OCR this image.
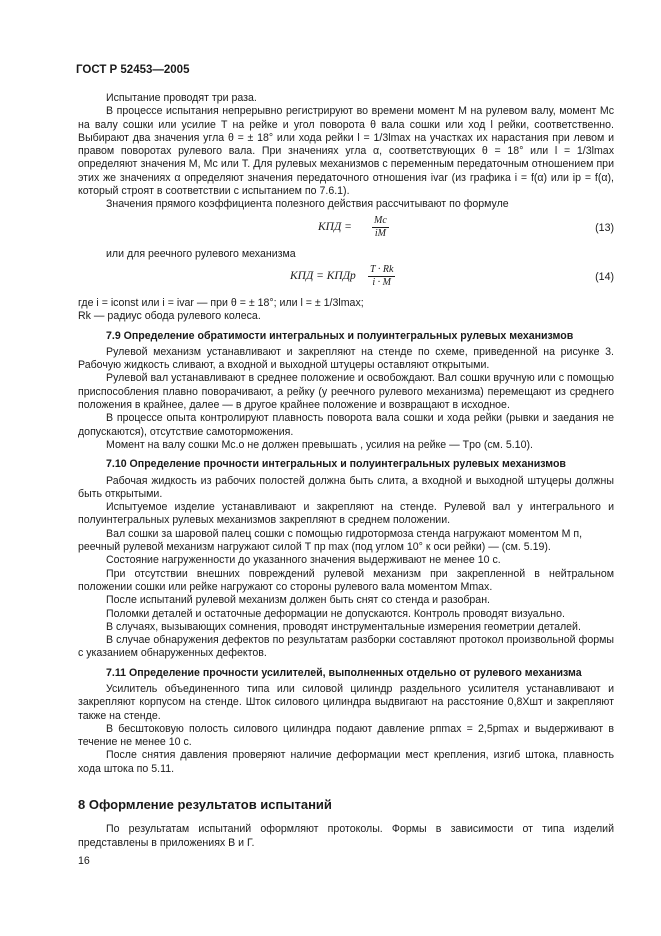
ГОСТ Р 52453—2005

Испытание проводят три раза.

В процессе испытания непрерывно регистрируют во времени момент M на рулевом валу, момент Mс на валу сошки или усилие T на рейке и угол поворота θ вала сошки или ход l рейки, соответственно. Выбирают два значения угла θ = ± 18° или хода рейки l = 1/3lmax на участках их нарастания при левом и правом поворотах рулевого вала. При значениях угла α, соответствующих θ = 18° или l = 1/3lmax определяют значения M, Mс или T. Для рулевых механизмов с переменным передаточным отношением при этих же значениях α определяют значения передаточного отношения ivar (из графика i = f(α) или iр = f(α), который строят в соответствии с испытанием по 7.6.1).

Значения прямого коэффициента полезного действия рассчитывают по формуле

КПД =
Mс
iM	(13)

или для реечного рулевого механизма

КПД = КПДр $\frac{T \cdot Rk}{i \cdot M}$	(14)

где i = iconst или i = ivar — при θ = ± 18°; или l = ± 1/3lmax;

Rk — радиус обода рулевого колеса.

7.9 Определение обратимости интегральных и полуинтегральных рулевых механизмов

Рулевой механизм устанавливают и закрепляют на стенде по схеме, приведенной на рисунке 3. Рабочую жидкость сливают, а входной и выходной штуцеры оставляют открытыми.

Рулевой вал устанавливают в среднее положение и освобождают. Вал сошки вручную или с помощью приспособления плавно поворачивают, а рейку (у реечного рулевого механизма) перемещают из среднего положения в крайнее, далее — в другое крайнее положение и возвращают в исходное.

В процессе опыта контролируют плавность поворота вала сошки и хода рейки (рывки и заедания не допускаются), отсутствие самоторможения.

Момент на валу сошки Mс.о не должен превышать , усилия на рейке — Tро (см. 5.10).

7.10 Определение прочности интегральных и полуинтегральных рулевых механизмов

Рабочая жидкость из рабочих полостей должна быть слита, а входной и выходной штуцеры должны быть открытыми.

Испытуемое изделие устанавливают и закрепляют на стенде. Рулевой вал у интегрального и полуинтегральных рулевых механизмов закрепляют в среднем положении.

Вал сошки за шаровой палец сошки с помощью гидротормоза стенда нагружают моментом M п,

реечный рулевой механизм нагружают силой T пр max (под углом 10° к оси рейки) — (см. 5.19).

Состояние нагруженности до указанного значения выдерживают не менее 10 с.

При отсутствии внешних повреждений рулевой механизм при закрепленной в нейтральном положении сошки или рейке нагружают со стороны рулевого вала моментом Mmax.

После испытаний рулевой механизм должен быть снят со стенда и разобран.

Поломки деталей и остаточные деформации не допускаются. Контроль проводят визуально.

В случаях, вызывающих сомнения, проводят инструментальные измерения геометрии деталей.

В случае обнаружения дефектов по результатам разборки составляют протокол произвольной формы с указанием обнаруженных дефектов.

7.11 Определение прочности усилителей, выполненных отдельно от рулевого механизма

Усилитель объединенного типа или силовой цилиндр раздельного усилителя устанавливают и закрепляют корпусом на стенде. Шток силового цилиндра выдвигают на расстояние 0,8Xшт и закрепляют также на стенде.

В бесштоковую полость силового цилиндра подают давление pпmax = 2,5pmax и выдерживают в течение не менее 10 с.

После снятия давления проверяют наличие деформации мест крепления, изгиб штока, плавность хода штока по 5.11.

8 Оформление результатов испытаний

По результатам испытаний оформляют протоколы. Формы в зависимости от типа изделий представлены в приложениях В и Г.

16
